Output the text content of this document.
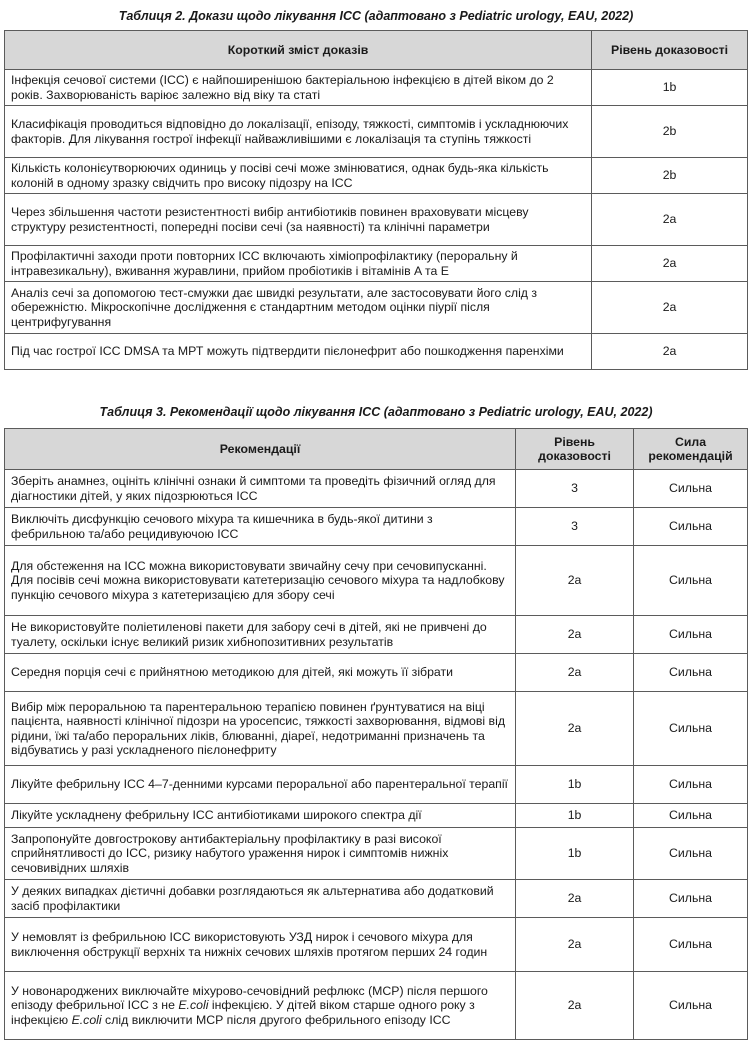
Таблиця 2. Докази щодо лікування ІСС (адаптовано з Pediatric urology, EAU, 2022)
Короткий зміст доказів	Рівень доказовості
Інфекція сечової системи (ІСС) є найпоширенішою бактеріальною інфекцією в дітей віком до 2 років. Захворюваність варіює залежно від віку та статі	1b
Класифікація проводиться відповідно до локалізації, епізоду, тяжкості, симптомів і ускладнюючих факторів. Для лікування гострої інфекції найважливішими є локалізація та ступінь тяжкості	2b
Кількість колонієутворюючих одиниць у посіві сечі може змінюватися, однак будь-яка кількість колоній в одному зразку свідчить про високу підозру на ІСС	2b
Через збільшення частоти резистентності вибір антибіотиків повинен враховувати місцеву структуру резистентності, попередні посіви сечі (за наявності) та клінічні параметри	2a
Профілактичні заходи проти повторних ІСС включають хіміопрофілактику (пероральну й інтравезикальну), вживання журавлини, прийом пробіотиків і вітамінів A та E	2a
Аналіз сечі за допомогою тест-смужки дає швидкі результати, але застосовувати його слід з обережністю. Мікроскопічне дослідження є стандартним методом оцінки піурії після центрифугування	2a
Під час гострої ІСС DMSA та МРТ можуть підтвердити пієлонефрит або пошкодження паренхіми	2a
Таблиця 3. Рекомендації щодо лікування ІСС (адаптовано з Pediatric urology, EAU, 2022)
Рекомендації	Рівень доказовості	Сила рекомендацій
Зберіть анамнез, оцініть клінічні ознаки й симптоми та проведіть фізичний огляд для діагностики дітей, у яких підозрюються ІСС	3	Сильна
Виключіть дисфункцію сечового міхура та кишечника в будь-якої дитини з фебрильною та/або рецидивуючою ІСС	3	Сильна
Для обстеження на ІСС можна використовувати звичайну сечу при сечовипусканні. Для посівів сечі можна використовувати катетеризацію сечового міхура та надлобкову пункцію сечового міхура з катетеризацією для збору сечі	2a	Сильна
Не використовуйте поліетиленові пакети для забору сечі в дітей, які не привчені до туалету, оскільки існує великий ризик хибнопозитивних результатів	2a	Сильна
Середня порція сечі є прийнятною методикою для дітей, які можуть її зібрати	2a	Сильна
Вибір між пероральною та парентеральною терапією повинен ґрунтуватися на віці пацієнта, наявності клінічної підозри на уросепсис, тяжкості захворювання, відмові від рідини, їжі та/або пероральних ліків, блюванні, діареї, недотриманні призначень та відбуватись у разі ускладненого пієлонефриту	2a	Сильна
Лікуйте фебрильну ІСС 4–7-денними курсами пероральної або парентеральної терапії	1b	Сильна
Лікуйте ускладнену фебрильну ІСС антибіотиками широкого спектра дії	1b	Сильна
Запропонуйте довгострокову антибактеріальну профілактику в разі високої сприйнятливості до ІСС, ризику набутого ураження нирок і симптомів нижніх сечовивідних шляхів	1b	Сильна
У деяких випадках дієтичні добавки розглядаються як альтернатива або додатковий засіб профілактики	2a	Сильна
У немовлят із фебрильною ІСС використовують УЗД нирок і сечового міхура для виключення обструкції верхніх та нижніх сечових шляхів протягом перших 24 годин	2a	Сильна
У новонароджених виключайте міхурово-сечовідний рефлюкс (МСР) після першого епізоду фебрильної ІСС з не E.coli інфекцією. У дітей віком старше одного року з інфекцією E.coli слід виключити МСР після другого фебрильного епізоду ІСС	2a	Сильна
